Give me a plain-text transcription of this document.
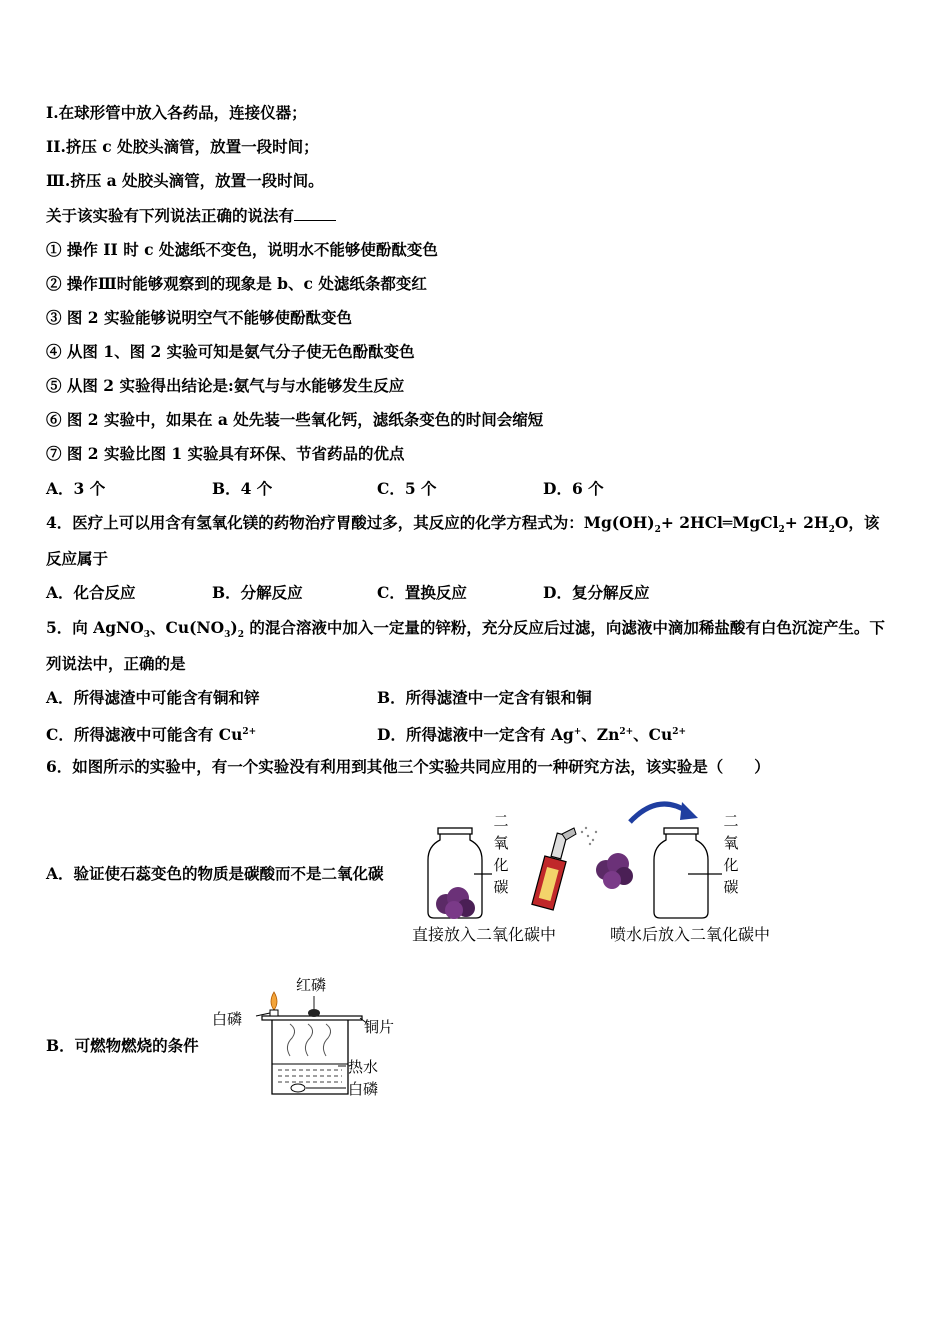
I.在球形管中放入各药品，连接仪器；
II.挤压 c 处胶头滴管，放置一段时间；
Ⅲ.挤压 a 处胶头滴管，放置一段时间。
关于该实验有下列说法正确的说法有
① 操作 II 时 c 处滤纸不变色，说明水不能够使酚酞变色
② 操作Ⅲ时能够观察到的现象是 b、c 处滤纸条都变红
③ 图 2 实验能够说明空气不能够使酚酞变色
④ 从图 1、图 2 实验可知是氨气分子使无色酚酞变色
⑤ 从图 2 实验得出结论是:氨气与与水能够发生反应
⑥ 图 2 实验中，如果在 a 处先装一些氧化钙，滤纸条变色的时间会缩短
⑦ 图 2 实验比图 1 实验具有环保、节省药品的优点
A．3 个	B．4 个	C．5 个	D．6 个
4．医疗上可以用含有氢氧化镁的药物治疗胃酸过多，其反应的化学方程式为：$Mg(OH)_2+$ 2HCl═MgCl$_2$+ $2H_2O$，该
反应属于
A．化合反应	B．分解反应	C．置换反应	D．复分解反应
5．向 AgNO$_3$、$Cu(NO_3)_2$ 的混合溶液中加入一定量的锌粉，充分反应后过滤，向滤液中滴加稀盐酸有白色沉淀产生。下
列说法中，正确的是
A．所得滤渣中可能含有铜和锌	B．所得滤渣中一定含有银和铜
C．所得滤液中可能含有 $Cu^{2+}$	D．所得滤液中一定含有 Ag+、$Zn^{2+}$、$Cu^{2+}$
6．如图所示的实验中，有一个实验没有利用到其他三个实验共同应用的一种研究方法，该实验是（　　）
A．验证使石蕊变色的物质是碳酸而不是二氧化碳
二
氧
化
碳
二
氧
化
碳
直接放入二氧化碳中	喷水后放入二氧化碳中
B．可燃物燃烧的条件
红磷
白磷	铜片
热水
白磷
